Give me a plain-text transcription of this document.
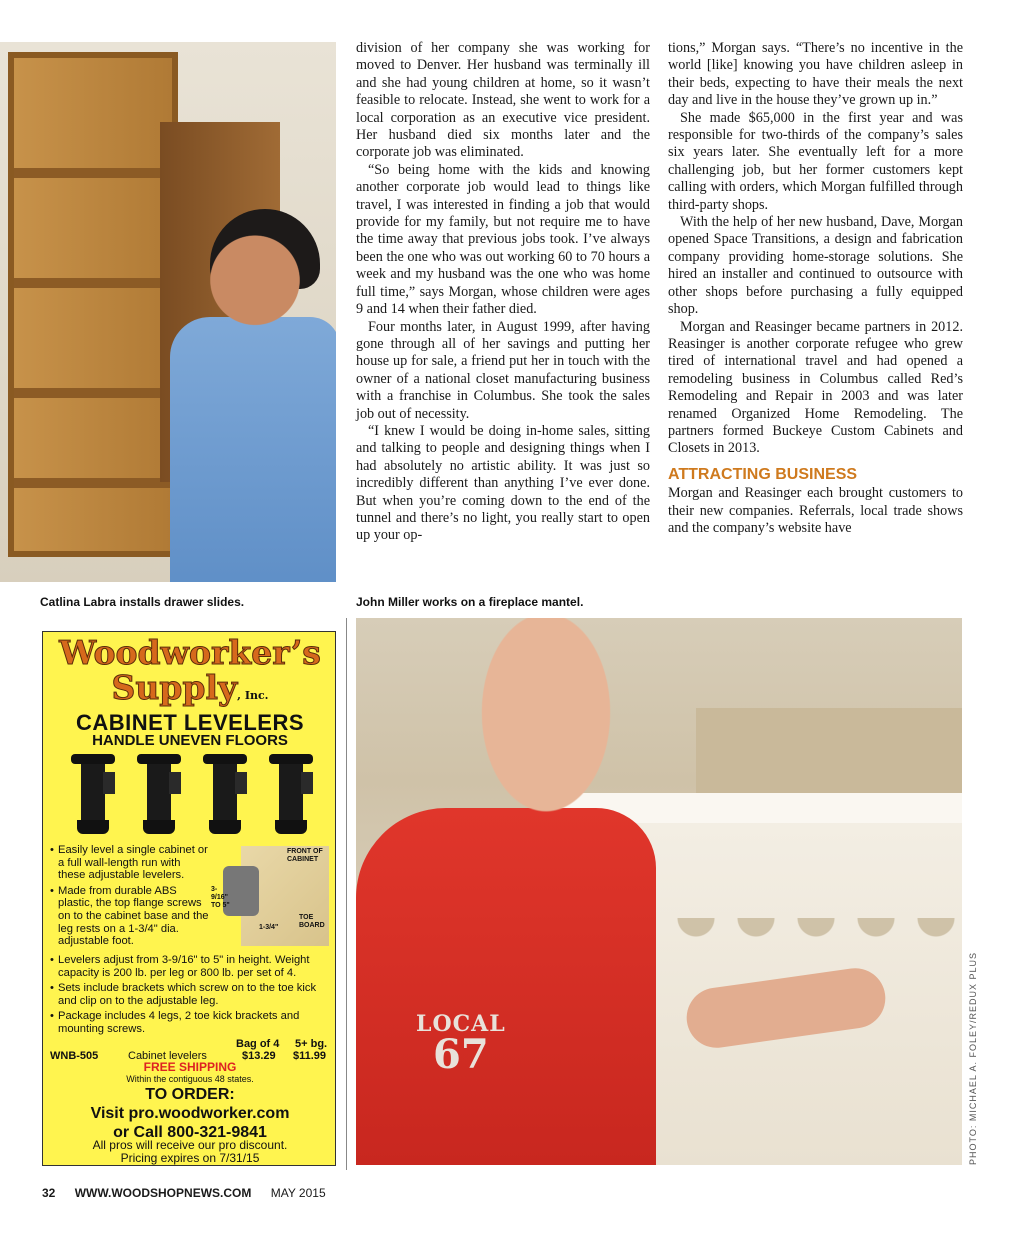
Catlina Labra installs drawer slides.

division of her company she was working for moved to Denver. Her husband was terminally ill and she had young children at home, so it wasn’t feasible to relocate. Instead, she went to work for a local corporation as an executive vice president. Her husband died six months later and the corporate job was eliminated.

“So being home with the kids and knowing another corporate job would lead to things like travel, I was interested in finding a job that would provide for my family, but not require me to have the time away that previous jobs took. I’ve always been the one who was out working 60 to 70 hours a week and my husband was the one who was home full time,” says Morgan, whose children were ages 9 and 14 when their father died.

Four months later, in August 1999, after having gone through all of her savings and putting her house up for sale, a friend put her in touch with the owner of a national closet manufacturing business with a franchise in Columbus. She took the sales job out of necessity.

“I knew I would be doing in-home sales, sitting and talking to people and designing things when I had absolutely no artistic ability. It was just so incredibly different than anything I’ve ever done. But when you’re coming down to the end of the tunnel and there’s no light, you really start to open up your op-

tions,” Morgan says. “There’s no incentive in the world [like] knowing you have children asleep in their beds, expecting to have their meals the next day and live in the house they’ve grown up in.”

She made $65,000 in the first year and was responsible for two-thirds of the company’s sales six years later. She eventually left for a more challenging job, but her former customers kept calling with orders, which Morgan fulfilled through third-party shops.

With the help of her new husband, Dave, Morgan opened Space Transitions, a design and fabrication company providing home-storage solutions. She hired an installer and continued to outsource with other shops before purchasing a fully equipped shop.

Morgan and Reasinger became partners in 2012. Reasinger is another corporate refugee who grew tired of international travel and had opened a remodeling business in Columbus called Red’s Remodeling and Repair in 2003 and was later renamed Organized Home Remodeling. The partners formed Buckeye Custom Cabinets and Closets in 2013.

ATTRACTING BUSINESS

Morgan and Reasinger each brought customers to their new companies. Referrals, local trade shows and the company’s website have

John Miller works on a fireplace mantel.
Woodworker’s
Supply, Inc.
CABINET LEVELERS
HANDLE UNEVEN FLOORS
• Easily level a single cabinet or a full wall-length run with these adjustable levelers.
• Made from durable ABS plastic, the top flange screws on to the cabinet base and the leg rests on a 1-3/4" dia. adjustable foot.
FRONT OF CABINET
3-9/16" TO 5"
1-3/4"
TOE BOARD
• Levelers adjust from 3-9/16" to 5" in height. Weight capacity is 200 lb. per leg or 800 lb. per set of 4.
• Sets include brackets which screw on to the toe kick and clip on to the adjustable leg.
• Package includes 4 legs, 2 toe kick brackets and mounting screws.
Bag of 4 5+ bg.
WNB-505	Cabinet levelers	$13.29 $11.99
FREE SHIPPING
Within the contiguous 48 states.
TO ORDER:
Visit pro.woodworker.com
or Call 800-321-9841
All pros will receive our pro discount.
Pricing expires on 7/31/15
LOCAL
67	PHOTO: MICHAEL A. FOLEY/REDUX PLUS
32 WWW.WOODSHOPNEWS.COM MAY 2015
